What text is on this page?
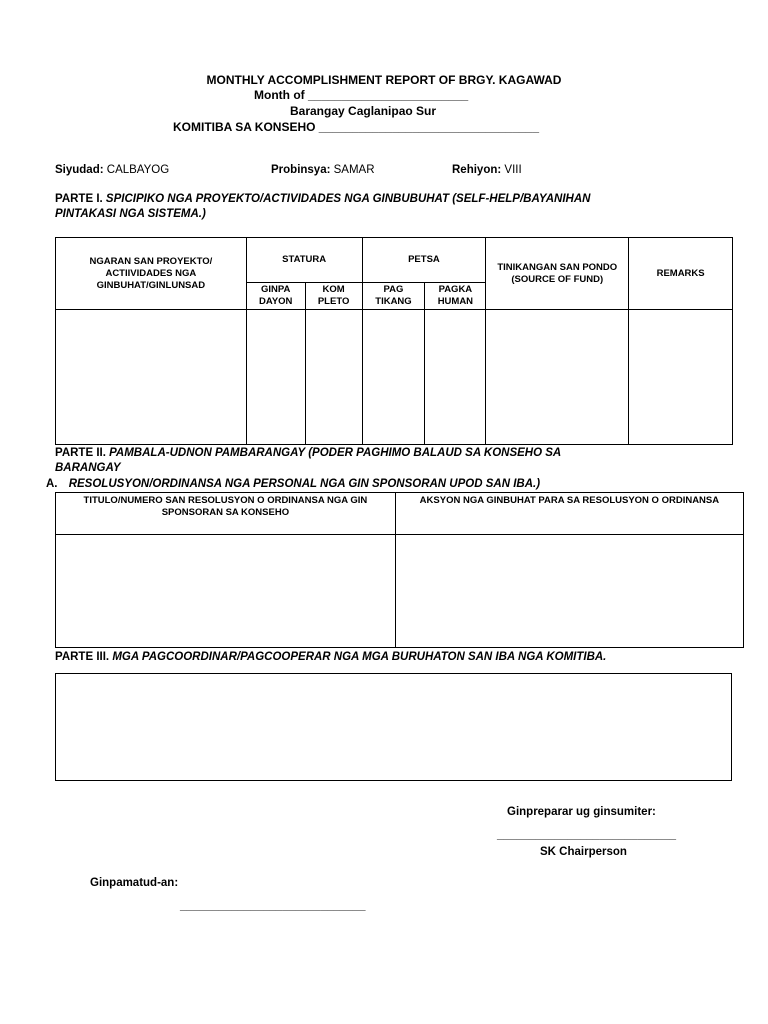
MONTHLY ACCOMPLISHMENT REPORT OF BRGY. KAGAWAD
Month of ________________________
Barangay Caglanipao Sur
KOMITIBA SA KONSEHO _________________________________
Siyudad: CALBAYOG	Probinsya: SAMAR	Rehiyon: VIII
PARTE I. SPICIPIKO NGA PROYEKTO/ACTIVIDADES NGA GINBUBUHAT (SELF-HELP/BAYANIHAN
PINTAKASI NGA SISTEMA.)
NGARAN SAN PROYEKTO/ ACTIIVIDADES NGA GINBUHAT/GINLUNSAD	STATURA		PETSA		TINIKANGAN SAN PONDO (SOURCE OF FUND)	REMARKS
	GINPA DAYON	KOM PLETO	PAG TIKANG	PAGKA HUMAN		

PARTE II. PAMBALA-UDNON PAMBARANGAY (PODER PAGHIMO BALAUD SA KONSEHO SA
BARANGAY
A. RESOLUSYON/ORDINANSA NGA PERSONAL NGA GIN SPONSORAN UPOD SAN IBA.)
TITULO/NUMERO SAN RESOLUSYON O ORDINANSA NGA GIN SPONSORAN SA KONSEHO	AKSYON NGA GINBUHAT PARA SA RESOLUSYON O ORDINANSA

PARTE III. MGA PAGCOORDINAR/PAGCOOPERAR NGA MGA BURUHATON SAN IBA NGA KOMITIBA.
Ginpreparar ug ginsumiter:
____________________________
SK Chairperson
Ginpamatud-an:
_____________________________
